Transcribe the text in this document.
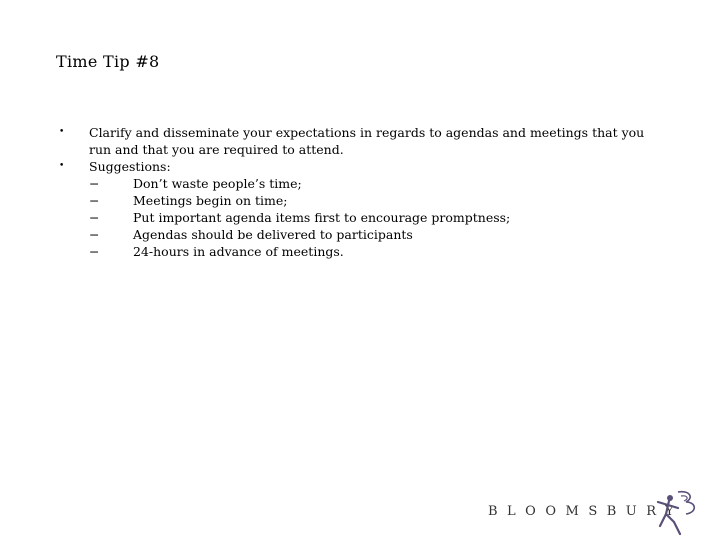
Time Tip #8
• Clarify and disseminate your expectations in regards to agendas and meetings that you run and that you are required to attend.
• Suggestions:
−	Don’t waste people’s time;
−	Meetings begin on time;
−	Put important agenda items first to encourage promptness;
−	Agendas should be delivered to participants
−	24-hours in advance of meetings.
BLOOMSBURY
